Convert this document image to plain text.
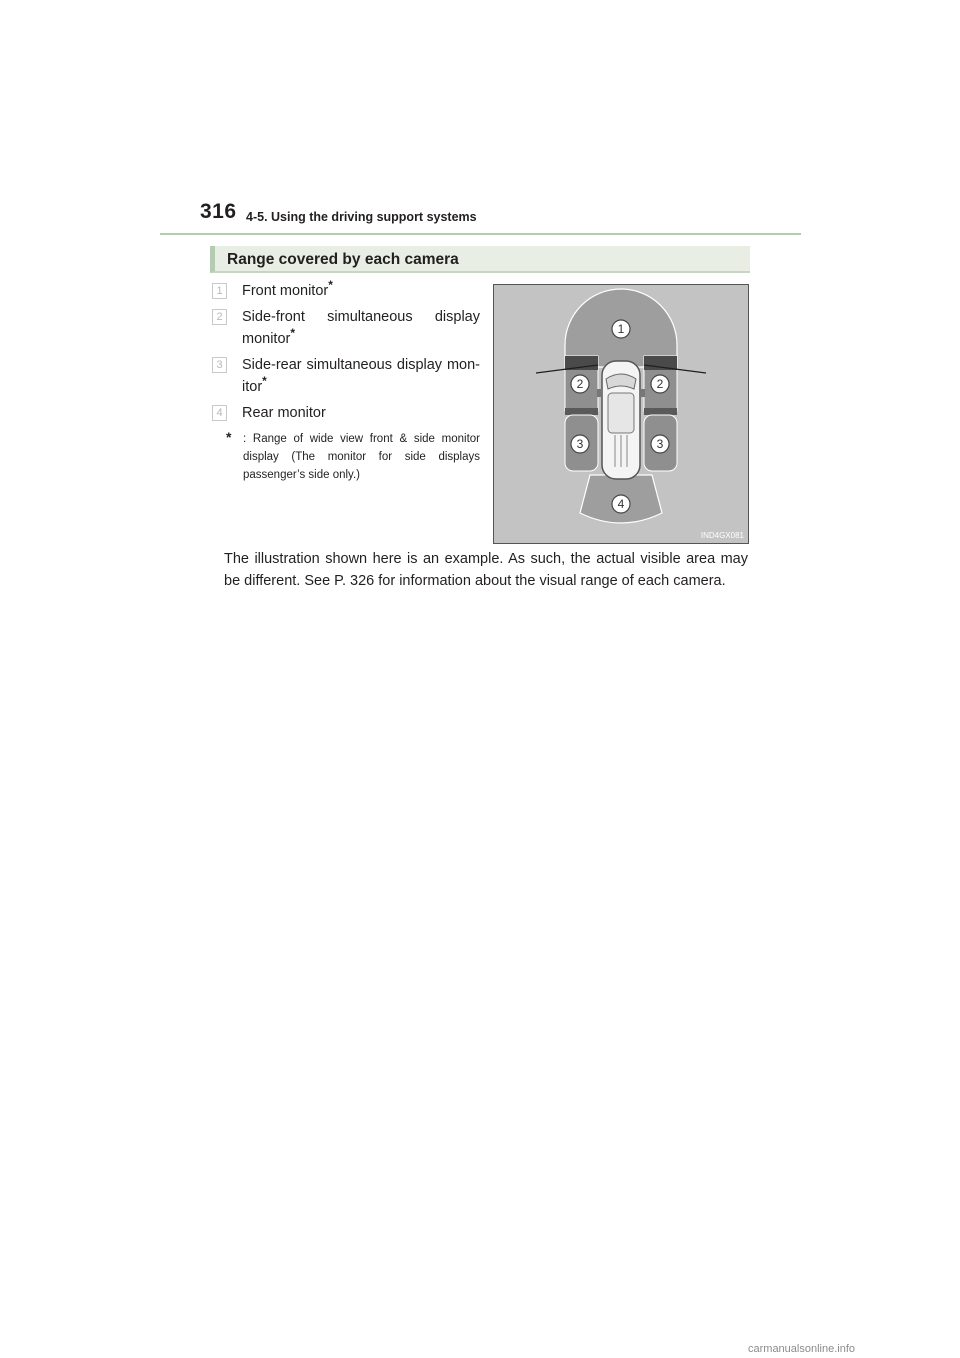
316 4-5. Using the driving support systems
Range covered by each camera
1	Front monitor*
2	Side-front simultaneous display monitor*
3	Side-rear simultaneous display mon-itor*
4	Rear monitor
* : Range of wide view front & side monitor display (The monitor for side displays passenger’s side only.)
1
2	2
3	3
4
IND4GX081
The illustration shown here is an example. As such, the actual visible area may be different. See P. 326 for information about the visual range of each camera.
carmanualsonline.info
